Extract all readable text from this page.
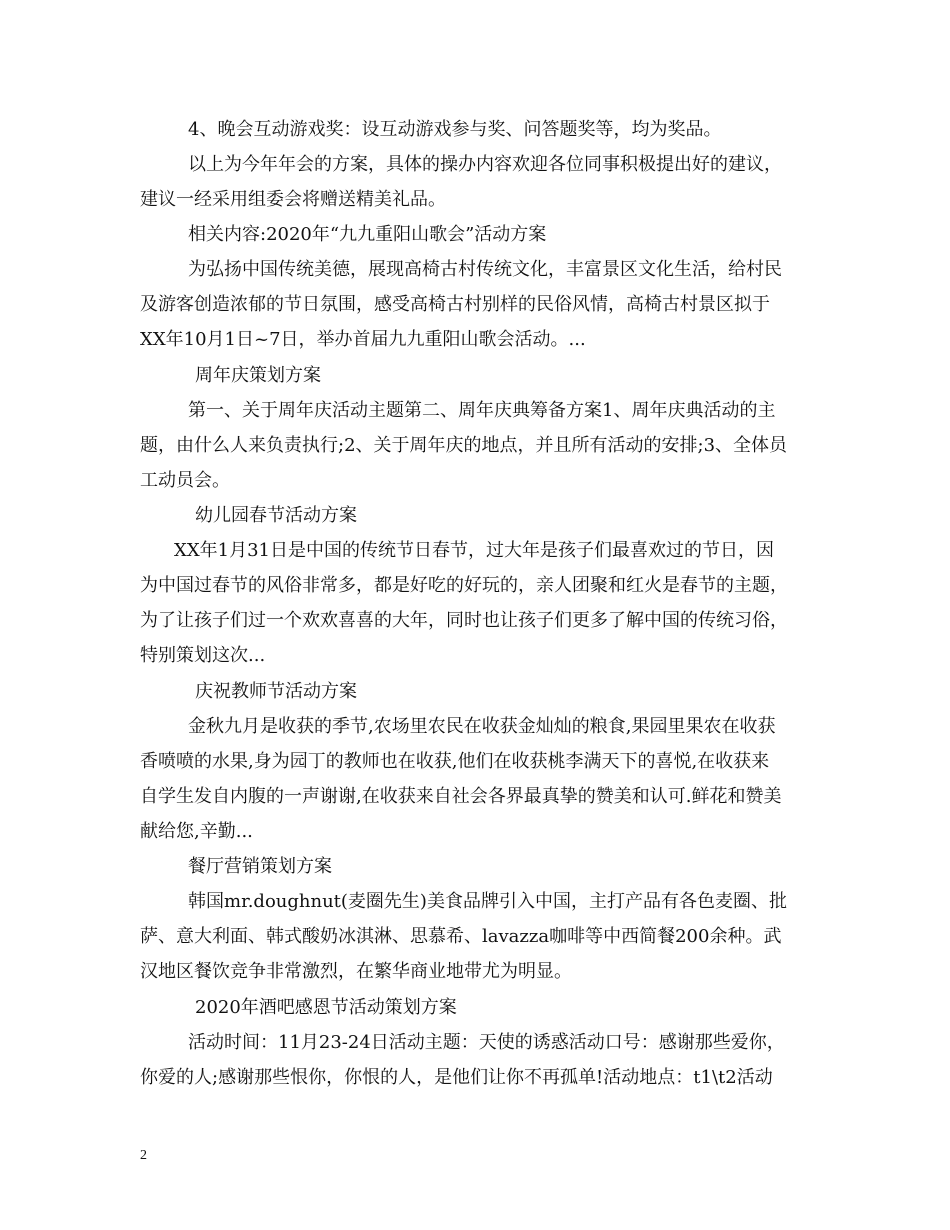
4、晚会互动游戏奖：设互动游戏参与奖、问答题奖等，均为奖品。
以上为今年年会的方案，具体的操办内容欢迎各位同事积极提出好的建议，
建议一经采用组委会将赠送精美礼品。
相关内容:2020年“九九重阳山歌会”活动方案
为弘扬中国传统美德，展现高椅古村传统文化，丰富景区文化生活，给村民
及游客创造浓郁的节日氛围，感受高椅古村别样的民俗风情，高椅古村景区拟于
XX年10月1日~7日，举办首届九九重阳山歌会活动。...
周年庆策划方案
第一、关于周年庆活动主题第二、周年庆典筹备方案1、周年庆典活动的主
题，由什么人来负责执行;2、关于周年庆的地点，并且所有活动的安排;3、全体员
工动员会。
幼儿园春节活动方案
XX年1月31日是中国的传统节日春节，过大年是孩子们最喜欢过的节日，因
为中国过春节的风俗非常多，都是好吃的好玩的，亲人团聚和红火是春节的主题，
为了让孩子们过一个欢欢喜喜的大年，同时也让孩子们更多了解中国的传统习俗，
特别策划这次...
庆祝教师节活动方案
金秋九月是收获的季节,农场里农民在收获金灿灿的粮食,果园里果农在收获
香喷喷的水果,身为园丁的教师也在收获,他们在收获桃李满天下的喜悦,在收获来
自学生发自内腹的一声谢谢,在收获来自社会各界最真挚的赞美和认可.鲜花和赞美
献给您,辛勤...
餐厅营销策划方案
韩国mr.doughnut(麦圈先生)美食品牌引入中国，主打产品有各色麦圈、批
萨、意大利面、韩式酸奶冰淇淋、思慕希、lavazza咖啡等中西简餐200余种。武
汉地区餐饮竞争非常激烈，在繁华商业地带尤为明显。
2020年酒吧感恩节活动策划方案
活动时间：11月23-24日活动主题：天使的诱惑活动口号：感谢那些爱你，
你爱的人;感谢那些恨你，你恨的人，是他们让你不再孤单!活动地点：t1\t2活动
2
